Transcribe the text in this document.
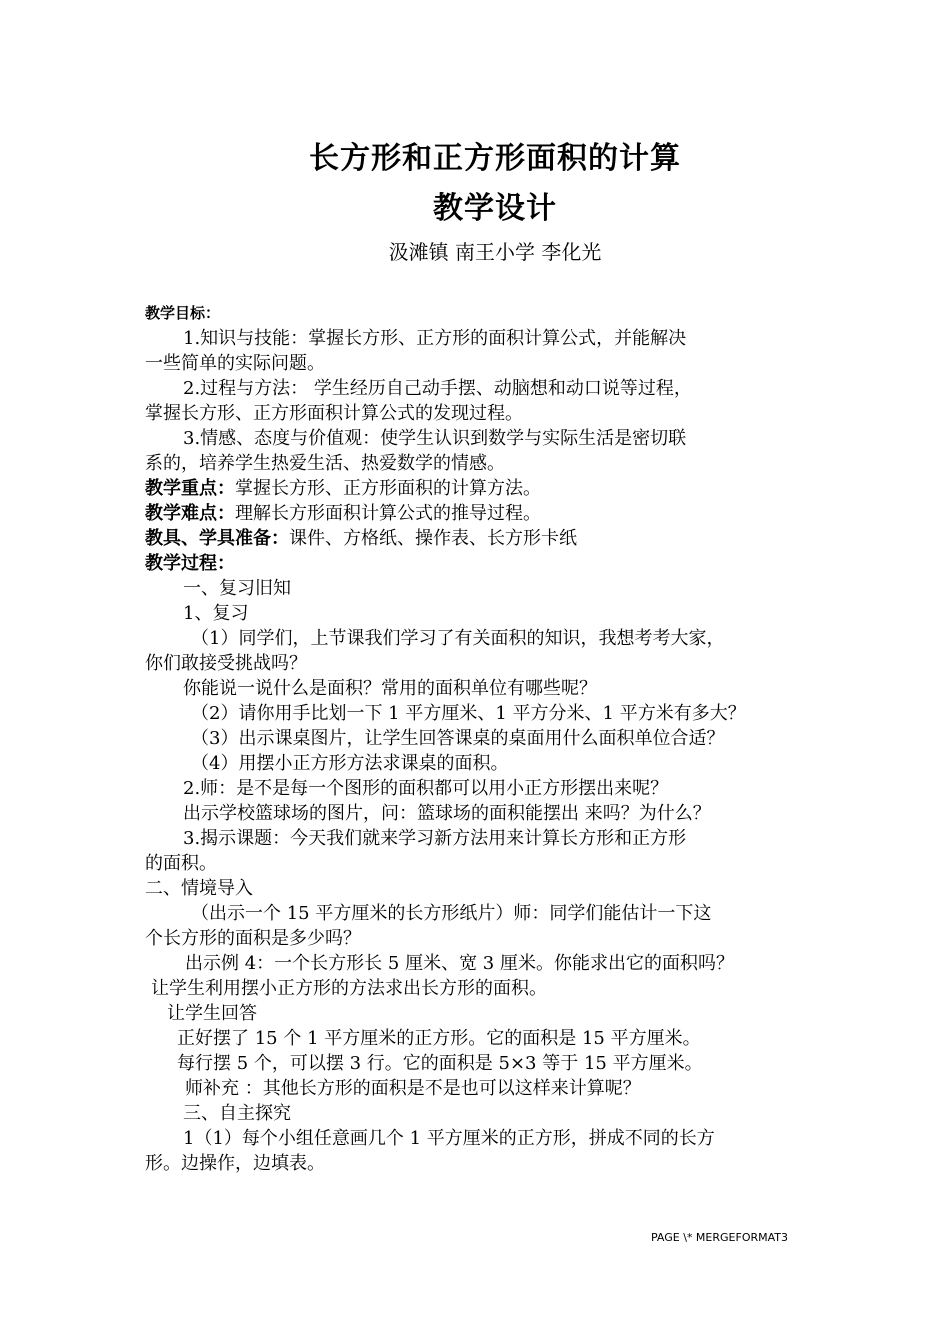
长方形和正方形面积的计算
教学设计
汲滩镇 南王小学 李化光
教学目标：
1.知识与技能：掌握长方形、正方形的面积计算公式，并能解决
一些简单的实际问题。
2.过程与方法： 学生经历自己动手摆、动脑想和动口说等过程，
掌握长方形、正方形面积计算公式的发现过程。
3.情感、态度与价值观：使学生认识到数学与实际生活是密切联
系的，培养学生热爱生活、热爱数学的情感。
教学重点：掌握长方形、正方形面积的计算方法。
教学难点：理解长方形面积计算公式的推导过程。
教具、学具准备：课件、方格纸、操作表、长方形卡纸
教学过程：
一、复习旧知
1、复习
（1）同学们，上节课我们学习了有关面积的知识，我想考考大家，
你们敢接受挑战吗？
你能说一说什么是面积？常用的面积单位有哪些呢？
（2）请你用手比划一下 1 平方厘米、1 平方分米、1 平方米有多大？
（3）出示课桌图片，让学生回答课桌的桌面用什么面积单位合适？
（4）用摆小正方形方法求课桌的面积。
2.师：是不是每一个图形的面积都可以用小正方形摆出来呢？
出示学校篮球场的图片，问：篮球场的面积能摆出 来吗？为什么？
3.揭示课题：今天我们就来学习新方法用来计算长方形和正方形
的面积。
二、情境导入
（出示一个 15 平方厘米的长方形纸片）师：同学们能估计一下这
个长方形的面积是多少吗？
出示例 4：一个长方形长 5 厘米、宽 3 厘米。你能求出它的面积吗？
让学生利用摆小正方形的方法求出长方形的面积。
让学生回答
正好摆了 15 个 1 平方厘米的正方形。它的面积是 15 平方厘米。
每行摆 5 个，可以摆 3 行。它的面积是 5×3 等于 15 平方厘米。
师补充 ：其他长方形的面积是不是也可以这样来计算呢？
三、自主探究
1（1）每个小组任意画几个 1 平方厘米的正方形，拼成不同的长方
形。边操作，边填表。
PAGE \* MERGEFORMAT3
